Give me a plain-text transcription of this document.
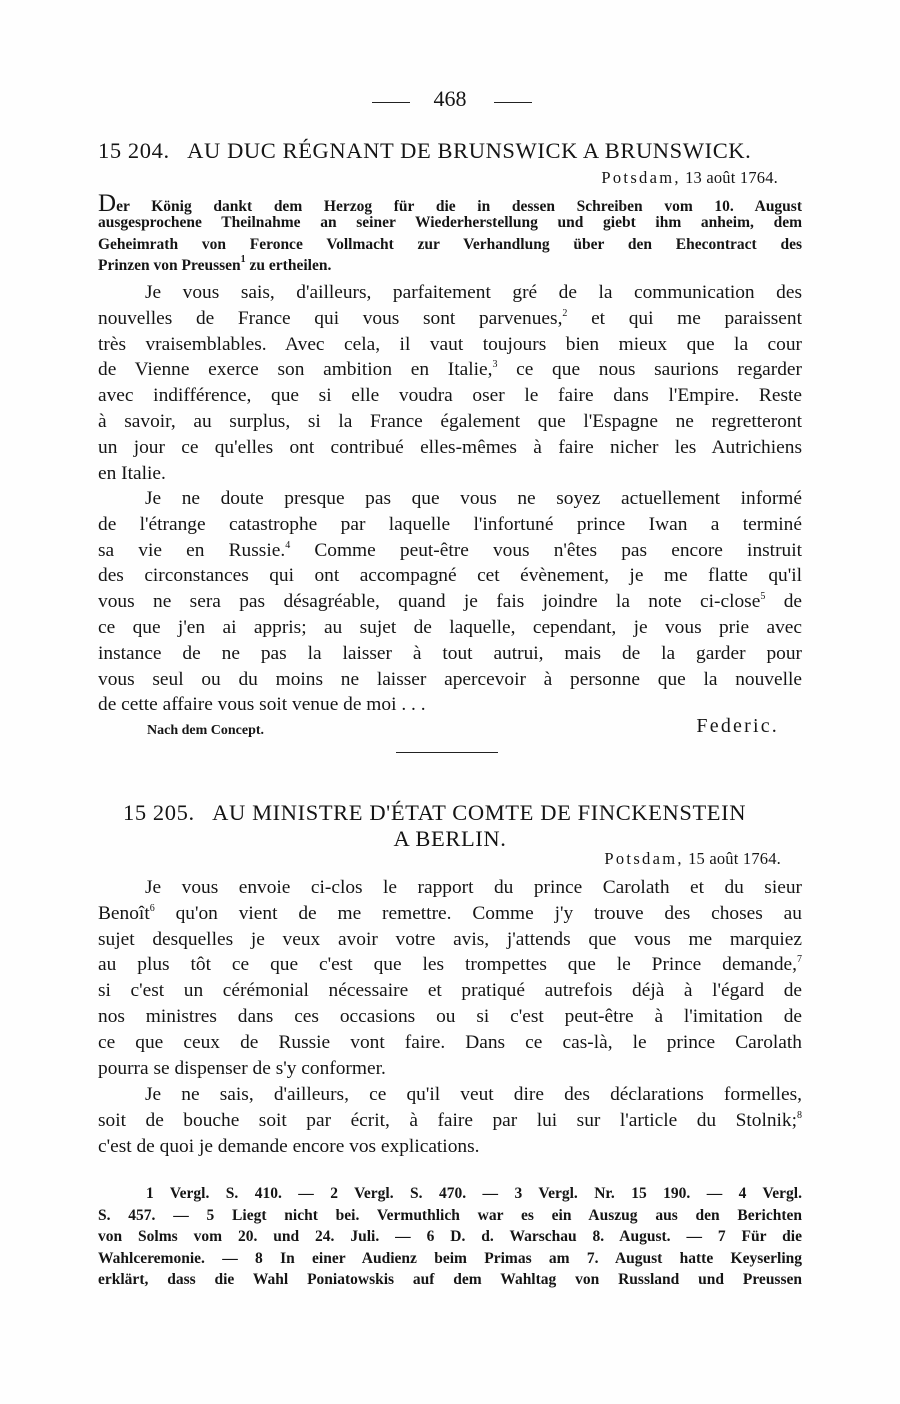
468
15 204. AU DUC RÉGNANT DE BRUNSWICK A BRUNSWICK.
Potsdam, 13 août 1764.
Der König dankt dem Herzog für die in dessen Schreiben vom 10. August
ausgesprochene Theilnahme an seiner Wiederherstellung und giebt ihm anheim, dem
Geheimrath von Feronce Vollmacht zur Verhandlung über den Ehecontract des
Prinzen von Preussen$^1$ zu ertheilen.
Je vous sais, d'ailleurs, parfaitement gré de la communication des
nouvelles de France qui vous sont parvenues,$^2$ et qui me paraissent
très vraisemblables. Avec cela, il vaut toujours bien mieux que la cour
de Vienne exerce son ambition en Italie,$^3$ ce que nous saurions regarder
avec indifférence, que si elle voudra oser le faire dans l'Empire. Reste
à savoir, au surplus, si la France également que l'Espagne ne regretteront
un jour ce qu'elles ont contribué elles-mêmes à faire nicher les Autrichiens
en Italie.
Je ne doute presque pas que vous ne soyez actuellement informé
de l'étrange catastrophe par laquelle l'infortuné prince Iwan a terminé
sa vie en Russie.$^4$ Comme peut-être vous n'êtes pas encore instruit
des circonstances qui ont accompagné cet évènement, je me flatte qu'il
vous ne sera pas désagréable, quand je fais joindre la note ci-close$^5$ de
ce que j'en ai appris; au sujet de laquelle, cependant, je vous prie avec
instance de ne pas la laisser à tout autrui, mais de la garder pour
vous seul ou du moins ne laisser apercevoir à personne que la nouvelle
de cette affaire vous soit venue de moi . . .
Nach dem Concept.	Federic.
15 205. AU MINISTRE D'ÉTAT COMTE DE FINCKENSTEIN
A BERLIN.
Potsdam, 15 août 1764.
Je vous envoie ci-clos le rapport du prince Carolath et du sieur
Benoît$^6$ qu'on vient de me remettre. Comme j'y trouve des choses au
sujet desquelles je veux avoir votre avis, j'attends que vous me marquiez
au plus tôt ce que c'est que les trompettes que le Prince demande,$^7$
si c'est un cérémonial nécessaire et pratiqué autrefois déjà à l'égard de
nos ministres dans ces occasions ou si c'est peut-être à l'imitation de
ce que ceux de Russie vont faire. Dans ce cas-là, le prince Carolath
pourra se dispenser de s'y conformer.
Je ne sais, d'ailleurs, ce qu'il veut dire des déclarations formelles,
soit de bouche soit par écrit, à faire par lui sur l'article du Stolnik;$^8$
c'est de quoi je demande encore vos explications.
1 Vergl. S. 410. — 2 Vergl. S. 470. — 3 Vergl. Nr. 15 190. — 4 Vergl.
S. 457. — 5 Liegt nicht bei. Vermuthlich war es ein Auszug aus den Berichten
von Solms vom 20. und 24. Juli. — 6 D. d. Warschau 8. August. — 7 Für die
Wahlceremonie. — 8 In einer Audienz beim Primas am 7. August hatte Keyserling
erklärt, dass die Wahl Poniatowskis auf dem Wahltag von Russland und Preussen
